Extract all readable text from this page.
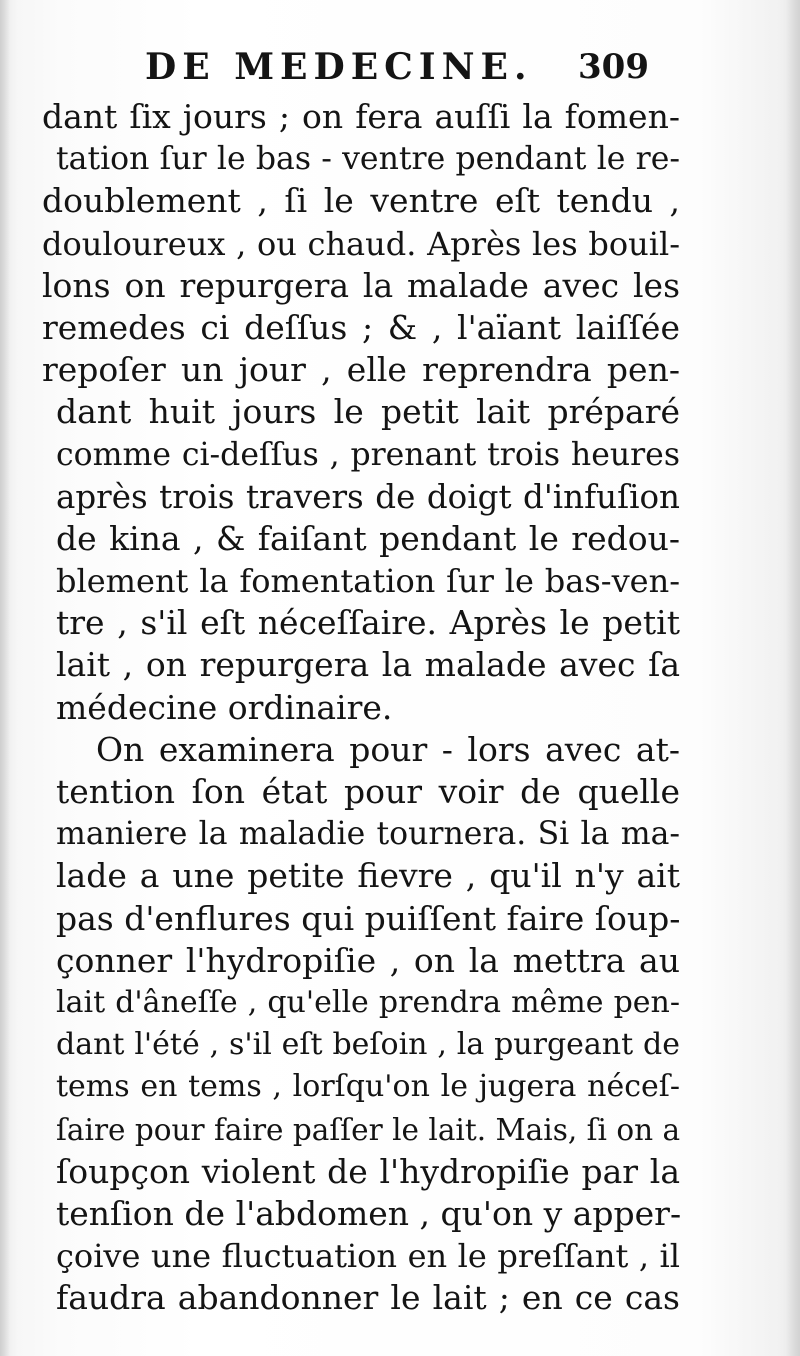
DE MEDECINE. 309
dant ſix jours ; on fera auſſi la fomen-
tation ſur le bas - ventre pendant le re-
doublement , ſi le ventre eſt tendu ,
douloureux , ou chaud. Après les bouil-
lons on repurgera la malade avec les
remedes ci deſſus ; & , l'aïant laiſſée
repoſer un jour , elle reprendra pen-
dant huit jours le petit lait préparé
comme ci-deſſus , prenant trois heures
après trois travers de doigt d'infuſion
de kina , & faiſant pendant le redou-
blement la fomentation ſur le bas-ven-
tre , s'il eſt néceſſaire. Après le petit
lait , on repurgera la malade avec ſa
médecine ordinaire.
On examinera pour - lors avec at-
tention ſon état pour voir de quelle
maniere la maladie tournera. Si la ma-
lade a une petite fievre , qu'il n'y ait
pas d'enflures qui puiſſent faire ſoup-
çonner l'hydropiſie , on la mettra au
lait d'âneſſe , qu'elle prendra même pen-
dant l'été , s'il eſt beſoin , la purgeant de
tems en tems , lorſqu'on le jugera néceſ-
ſaire pour faire paſſer le lait. Mais, ſi on a
ſoupçon violent de l'hydropiſie par la
tenſion de l'abdomen , qu'on y apper-
çoive une fluctuation en le preſſant , il
faudra abandonner le lait ; en ce cas
